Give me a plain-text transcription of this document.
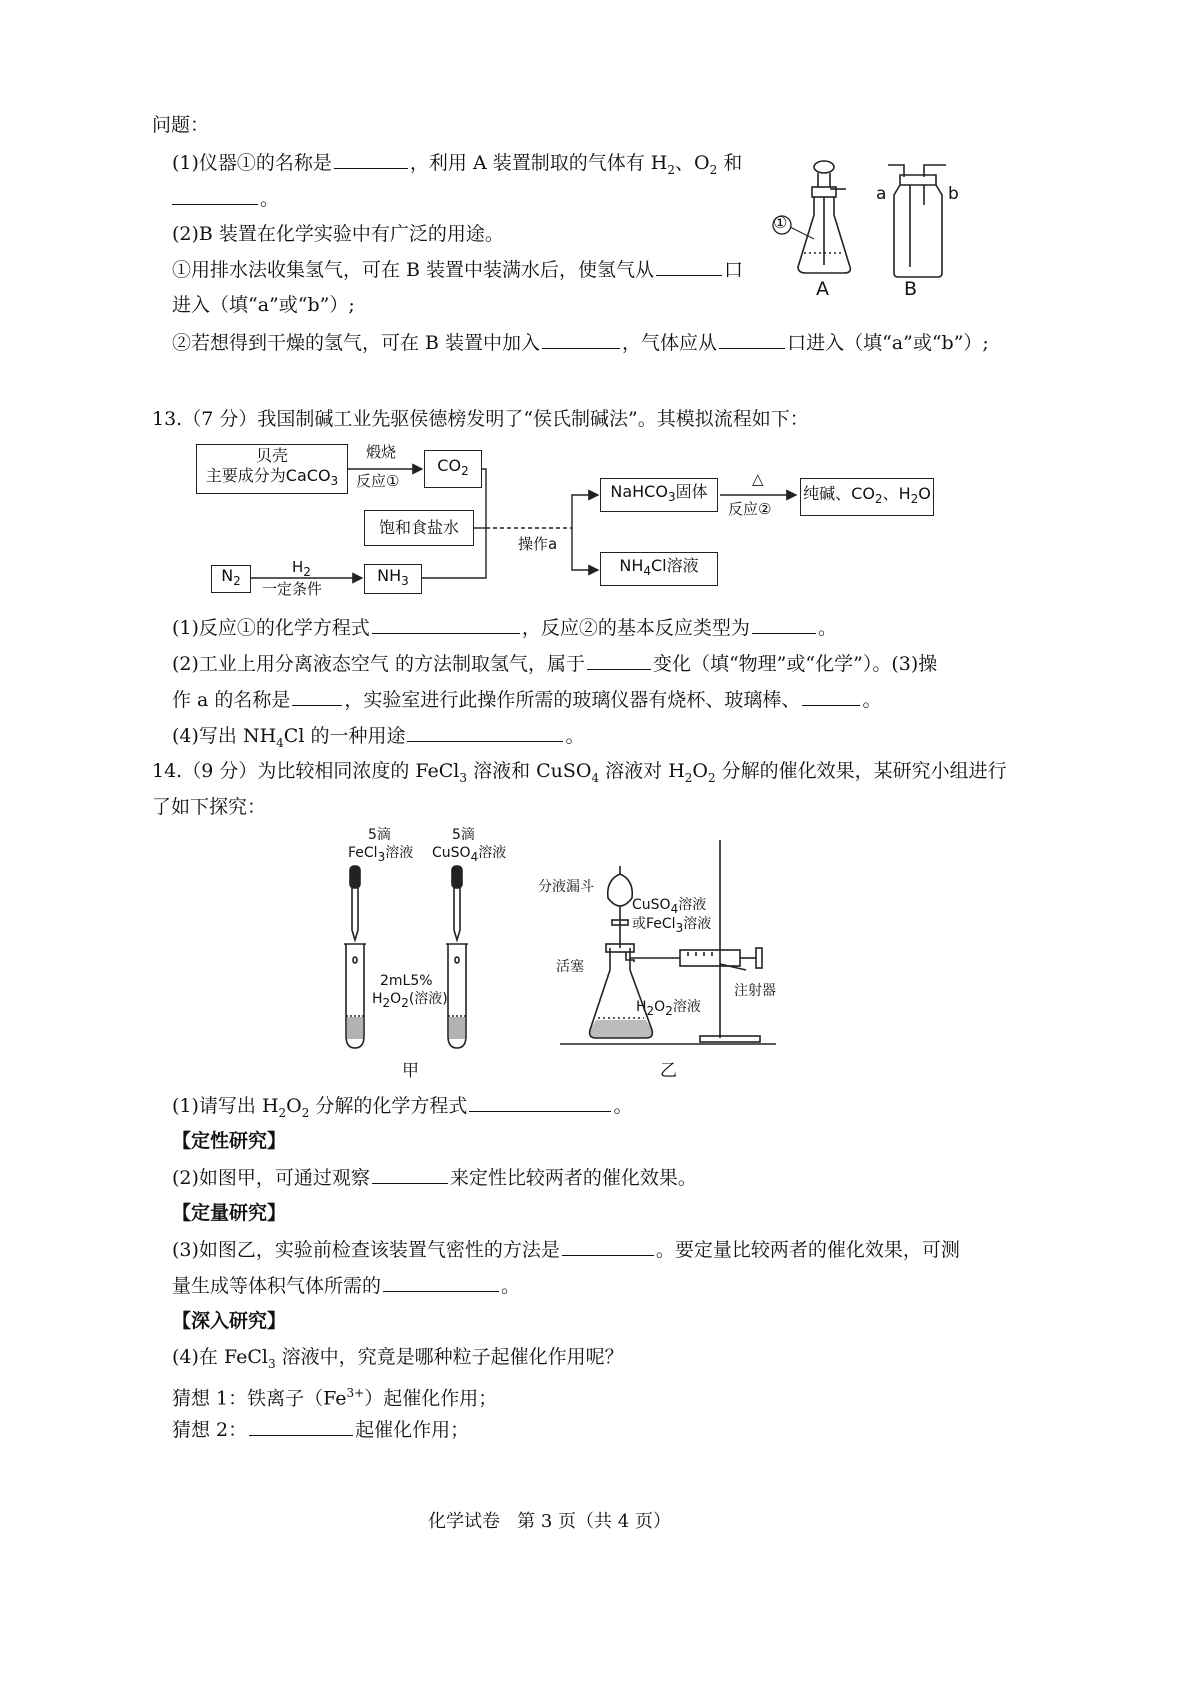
问题：
(1)仪器①的名称是	，利用 A 装置制取的气体有 $H_2$、$O_2$ 和
。
(2)B 装置在化学实验中有广泛的用途。
①用排水法收集氢气，可在 B 装置中装满水后，使氢气从	口
进入（填“a”或“b”）;
②若想得到干燥的氢气，可在 B 装置中加入	，气体应从	口进入（填“a”或“b”）;
①
A	B
a	b
13.（7 分）我国制碱工业先驱侯德榜发明了“侯氏制碱法”。其模拟流程如下：
贝壳
主要成分为CaCO$_3$
煅烧
反应①
$CO_2$
饱和食盐水
$N_2$
$H_2$
一定条件
$NH_3$
操作a
NaHCO$_3$固体
△
反应②
纯碱、$CO_2$、$H_2O$
$NH_4Cl$溶液
(1)反应①的化学方程式	，反应②的基本反应类型为	。
(2)工业上用分离液态空气 的方法制取氢气，属于	变化（填“物理”或“化学”）。(3)操
作 a 的名称是	，实验室进行此操作所需的玻璃仪器有烧杯、玻璃棒、	。
(4)写出 $NH_4Cl$ 的一种用途	。
14.（9 分）为比较相同浓度的 FeCl$_3$ 溶液和 CuSO$_4$ 溶液对 $H_2O_2$ 分解的催化效果，某研究小组进行
了如下探究：
5滴
FeCl$_3$溶液
5滴
CuSO$_4$溶液
2mL5%
$H_2O_2$(溶液)
甲
分液漏斗
CuSO$_4$溶液
或FeCl$_3$溶液
活塞
$H_2O_2$溶液
注射器
乙
(1)请写出 $H_2O_2$ 分解的化学方程式	。
【定性研究】
(2)如图甲，可通过观察	来定性比较两者的催化效果。
【定量研究】
(3)如图乙，实验前检查该装置气密性的方法是	。要定量比较两者的催化效果，可测
量生成等体积气体所需的	。
【深入研究】
(4)在 FeCl$_3$ 溶液中，究竟是哪种粒子起催化作用呢？
猜想 1：铁离子$(Fe^{3+})$起催化作用；
猜想 2：	起催化作用；
化学试卷   第 3 页（共 4 页）
